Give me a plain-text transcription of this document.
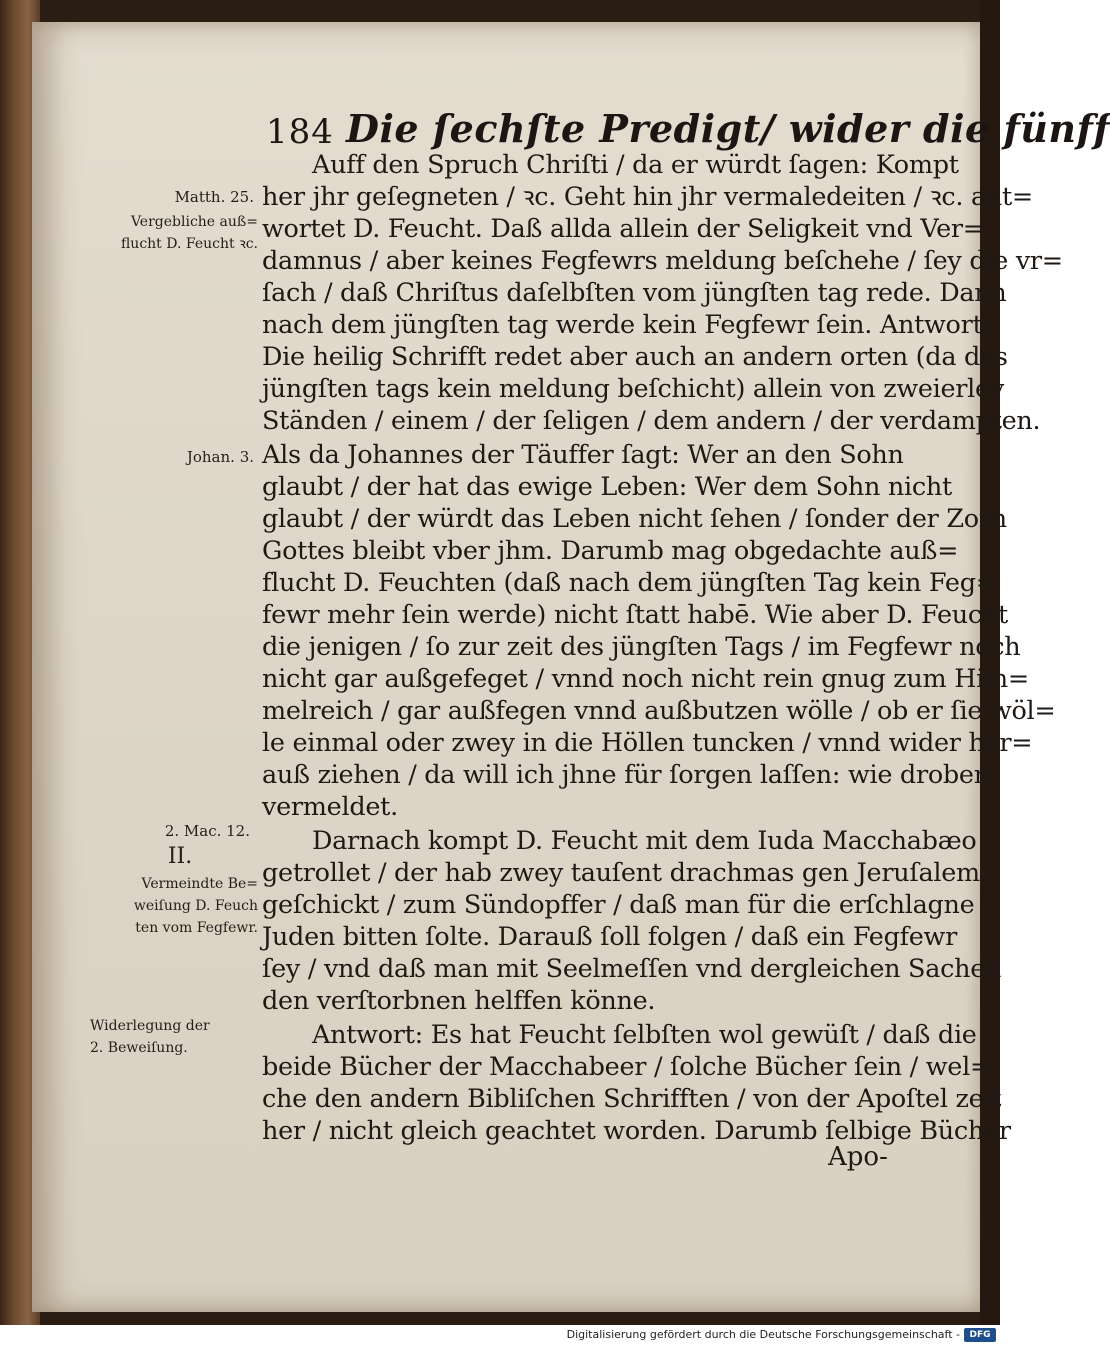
184 Die ſechſte Predigt/ wider die fünff
Auff den Spruch Chriſti / da er würdt ſagen: Kompt
her jhr geſegneten / ꝛc. Geht hin jhr vermaledeiten / ꝛc. ant=
wortet D. Feucht. Daß allda allein der Seligkeit vnd Ver=
damnus / aber keines Fegfewrs meldung beſchehe / ſey die vr=
ſach / daß Chriſtus daſelbſten vom jüngſten tag rede. Dann
nach dem jüngſten tag werde kein Fegfewr ſein. Antwort:
Die heilig Schrifft redet aber auch an andern orten (da des
jüngſten tags kein meldung beſchicht) allein von zweierley
Ständen / einem / der ſeligen / dem andern / der verdampten.
Als da Johannes der Täuffer ſagt: Wer an den Sohn
glaubt / der hat das ewige Leben: Wer dem Sohn nicht
glaubt / der würdt das Leben nicht ſehen / ſonder der Zorn
Gottes bleibt vber jhm. Darumb mag obgedachte auß=
flucht D. Feuchten (daß nach dem jüngſten Tag kein Feg=
fewr mehr ſein werde) nicht ſtatt habē. Wie aber D. Feucht
die jenigen / ſo zur zeit des jüngſten Tags / im Fegfewr noch
nicht gar außgefeget / vnnd noch nicht rein gnug zum Him=
melreich / gar außfegen vnnd außbutzen wölle / ob er ſie wöl=
le einmal oder zwey in die Höllen tuncken / vnnd wider her=
auß ziehen / da will ich jhne für ſorgen laſſen: wie droben
vermeldet.
Darnach kompt D. Feucht mit dem Iuda Macchabæo
getrollet / der hab zwey tauſent drachmas gen Jeruſalem
geſchickt / zum Sündopffer / daß man für die erſchlagne
Juden bitten ſolte. Darauß ſoll folgen / daß ein Fegfewr
ſey / vnd daß man mit Seelmeſſen vnd dergleichen Sachen
den verſtorbnen helffen könne.
Antwort: Es hat Feucht ſelbſten wol gewüſt / daß die
beide Bücher der Macchabeer / ſolche Bücher ſein / wel=
che den andern Bibliſchen Schrifften / von der Apoſtel zeit
her / nicht gleich geachtet worden. Darumb ſelbige Bücher
Matth. 25.
Vergebliche auß=
flucht D. Feucht ꝛc.
Johan. 3.
2. Mac. 12.
II.
Vermeindte Be=
weiſung D. Feuch
ten vom Fegfewr.
Widerlegung der
2. Beweiſung.
Apo-
Digitalisierung gefördert durch die Deutsche Forschungsgemeinschaft -	DFG
